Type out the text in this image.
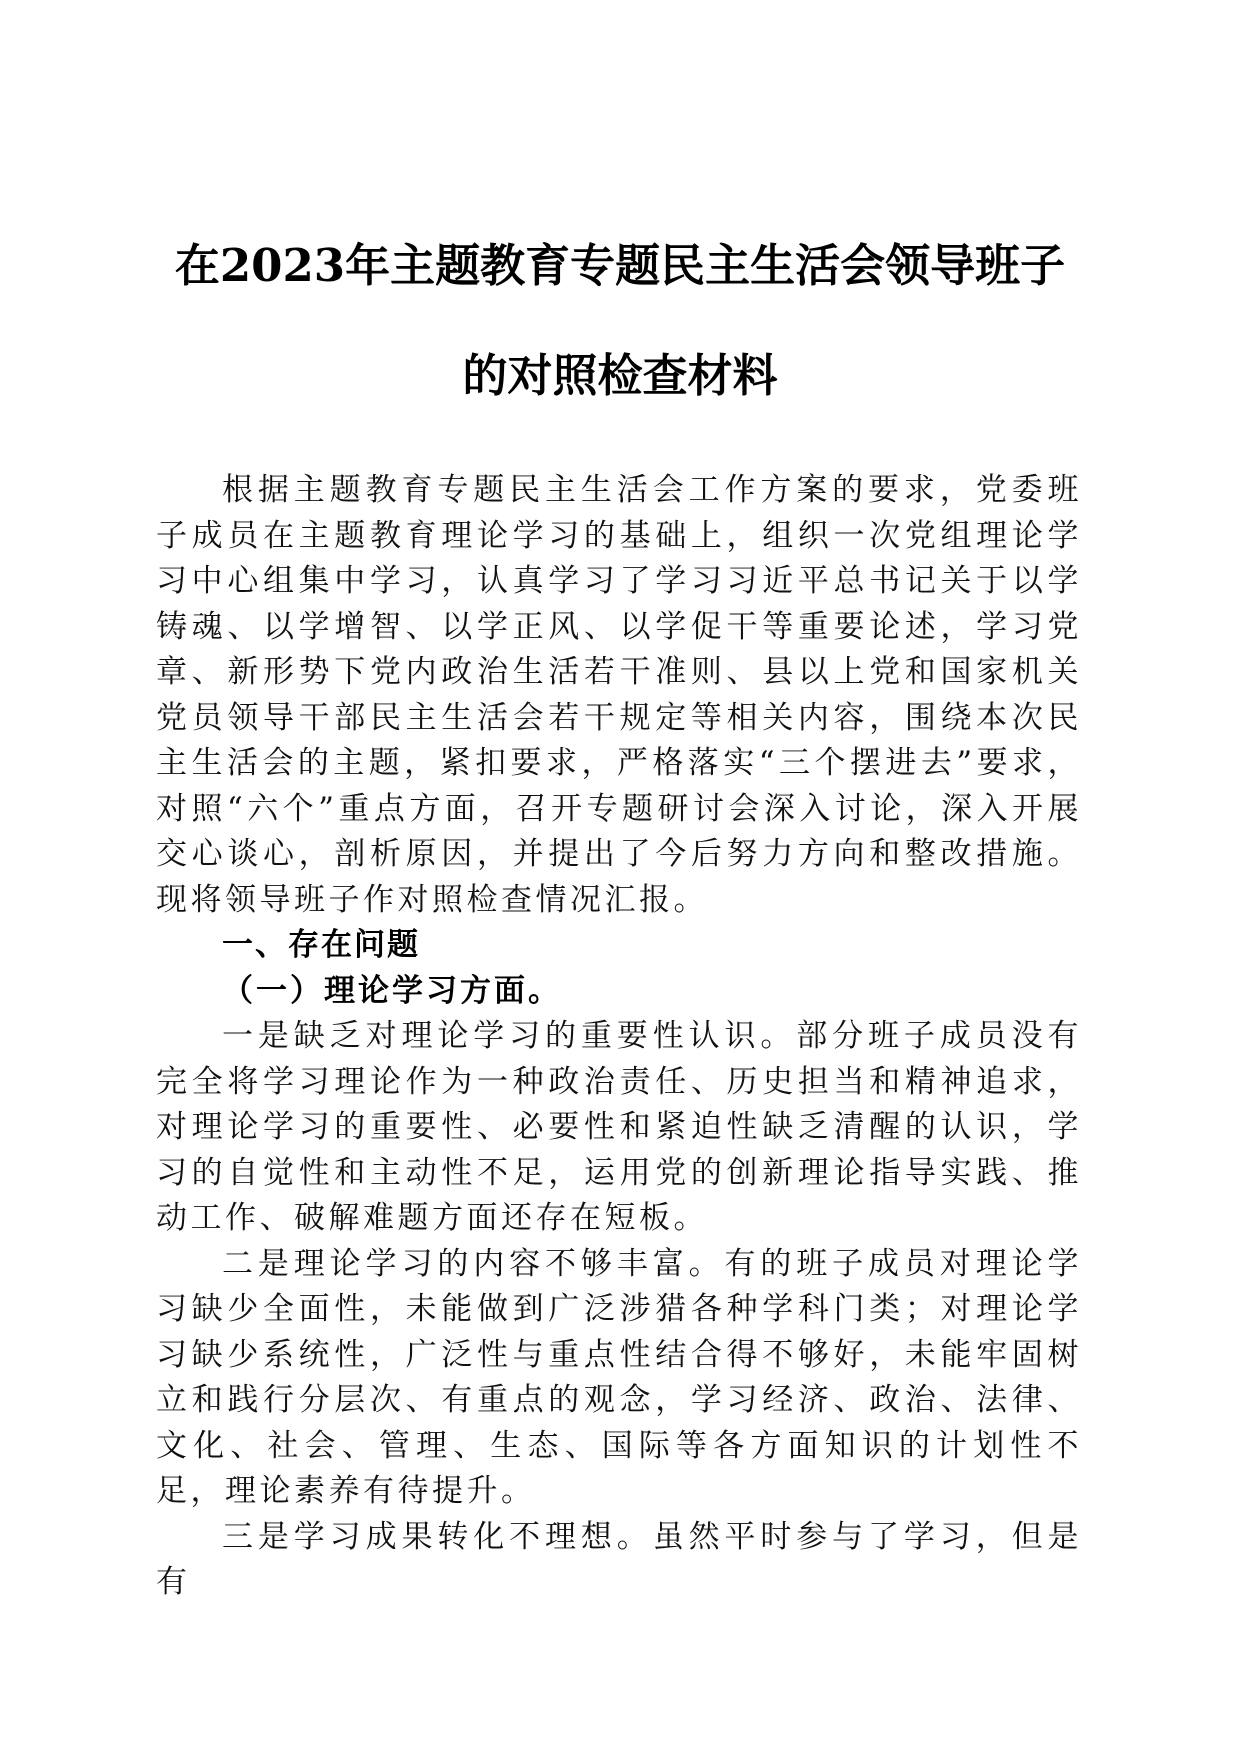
在2023年主题教育专题民主生活会领导班子
的对照检查材料

根据主题教育专题民主生活会工作方案的要求，党委班子成员在主题教育理论学习的基础上，组织一次党组理论学习中心组集中学习，认真学习了学习习近平总书记关于以学铸魂、以学增智、以学正风、以学促干等重要论述，学习党章、新形势下党内政治生活若干准则、县以上党和国家机关党员领导干部民主生活会若干规定等相关内容，围绕本次民主生活会的主题，紧扣要求，严格落实“三个摆进去”要求，对照“六个”重点方面，召开专题研讨会深入讨论，深入开展交心谈心，剖析原因，并提出了今后努力方向和整改措施。现将领导班子作对照检查情况汇报。

一、存在问题

（一）理论学习方面。

一是缺乏对理论学习的重要性认识。部分班子成员没有完全将学习理论作为一种政治责任、历史担当和精神追求，对理论学习的重要性、必要性和紧迫性缺乏清醒的认识，学习的自觉性和主动性不足，运用党的创新理论指导实践、推动工作、破解难题方面还存在短板。

二是理论学习的内容不够丰富。有的班子成员对理论学习缺少全面性，未能做到广泛涉猎各种学科门类；对理论学习缺少系统性，广泛性与重点性结合得不够好，未能牢固树立和践行分层次、有重点的观念，学习经济、政治、法律、文化、社会、管理、生态、国际等各方面知识的计划性不足，理论素养有待提升。

三是学习成果转化不理想。虽然平时参与了学习，但是有
